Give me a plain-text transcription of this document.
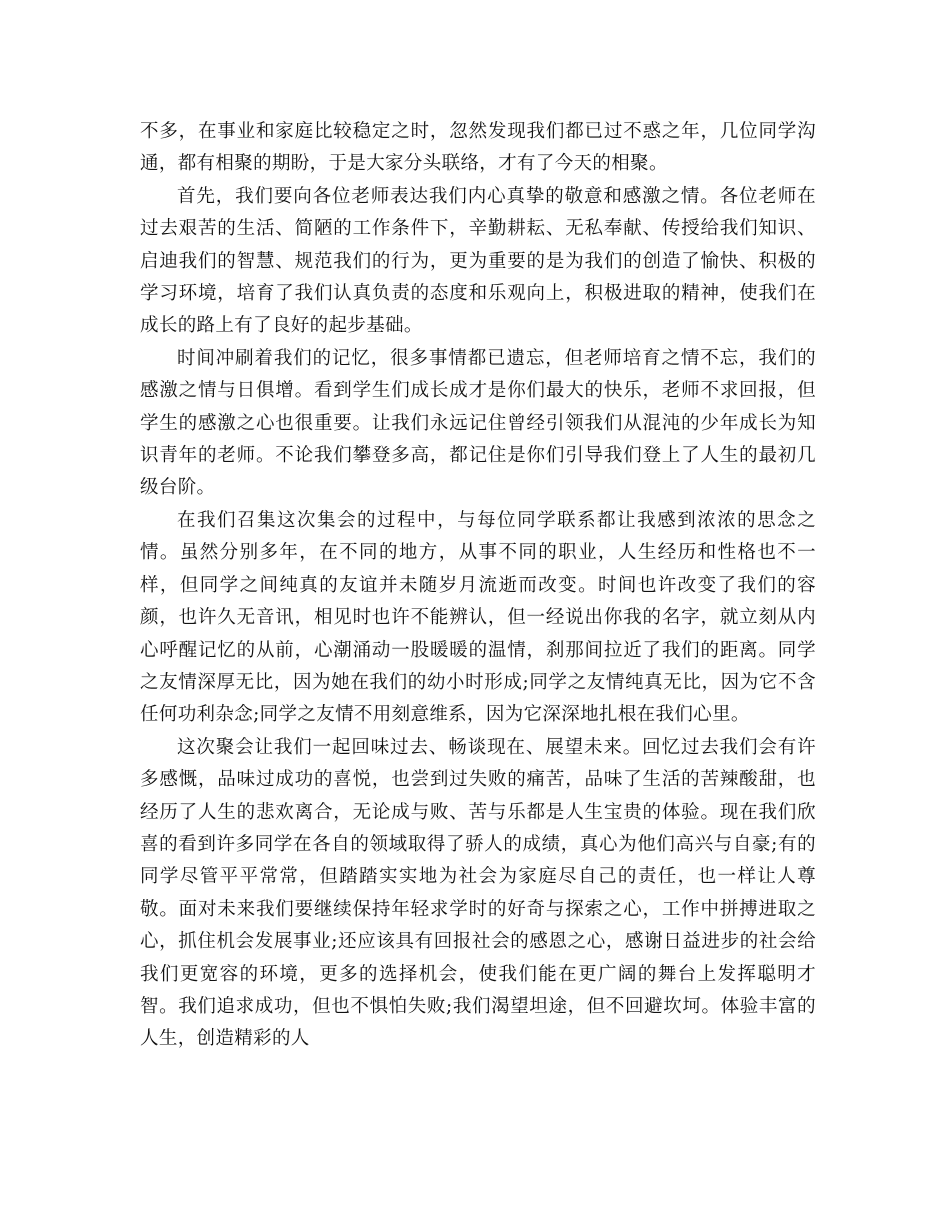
不多，在事业和家庭比较稳定之时，忽然发现我们都已过不惑之年，几位同学沟通，都有相聚的期盼，于是大家分头联络，才有了今天的相聚。

首先，我们要向各位老师表达我们内心真挚的敬意和感激之情。各位老师在过去艰苦的生活、简陋的工作条件下，辛勤耕耘、无私奉献、传授给我们知识、启迪我们的智慧、规范我们的行为，更为重要的是为我们的创造了愉快、积极的学习环境，培育了我们认真负责的态度和乐观向上，积极进取的精神，使我们在成长的路上有了良好的起步基础。

时间冲刷着我们的记忆，很多事情都已遗忘，但老师培育之情不忘，我们的感激之情与日俱增。看到学生们成长成才是你们最大的快乐，老师不求回报，但学生的感激之心也很重要。让我们永远记住曾经引领我们从混沌的少年成长为知识青年的老师。不论我们攀登多高，都记住是你们引导我们登上了人生的最初几级台阶。

在我们召集这次集会的过程中，与每位同学联系都让我感到浓浓的思念之情。虽然分别多年，在不同的地方，从事不同的职业，人生经历和性格也不一样，但同学之间纯真的友谊并未随岁月流逝而改变。时间也许改变了我们的容颜，也许久无音讯，相见时也许不能辨认，但一经说出你我的名字，就立刻从内心呼醒记忆的从前，心潮涌动一股暖暖的温情，刹那间拉近了我们的距离。同学之友情深厚无比，因为她在我们的幼小时形成;同学之友情纯真无比，因为它不含任何功利杂念;同学之友情不用刻意维系，因为它深深地扎根在我们心里。

这次聚会让我们一起回味过去、畅谈现在、展望未来。回忆过去我们会有许多感慨，品味过成功的喜悦，也尝到过失败的痛苦，品味了生活的苦辣酸甜，也经历了人生的悲欢离合，无论成与败、苦与乐都是人生宝贵的体验。现在我们欣喜的看到许多同学在各自的领域取得了骄人的成绩，真心为他们高兴与自豪;有的同学尽管平平常常，但踏踏实实地为社会为家庭尽自己的责任，也一样让人尊敬。面对未来我们要继续保持年轻求学时的好奇与探索之心，工作中拼搏进取之心，抓住机会发展事业;还应该具有回报社会的感恩之心，感谢日益进步的社会给我们更宽容的环境，更多的选择机会，使我们能在更广阔的舞台上发挥聪明才智。我们追求成功，但也不惧怕失败;我们渴望坦途，但不回避坎坷。体验丰富的人生，创造精彩的人
